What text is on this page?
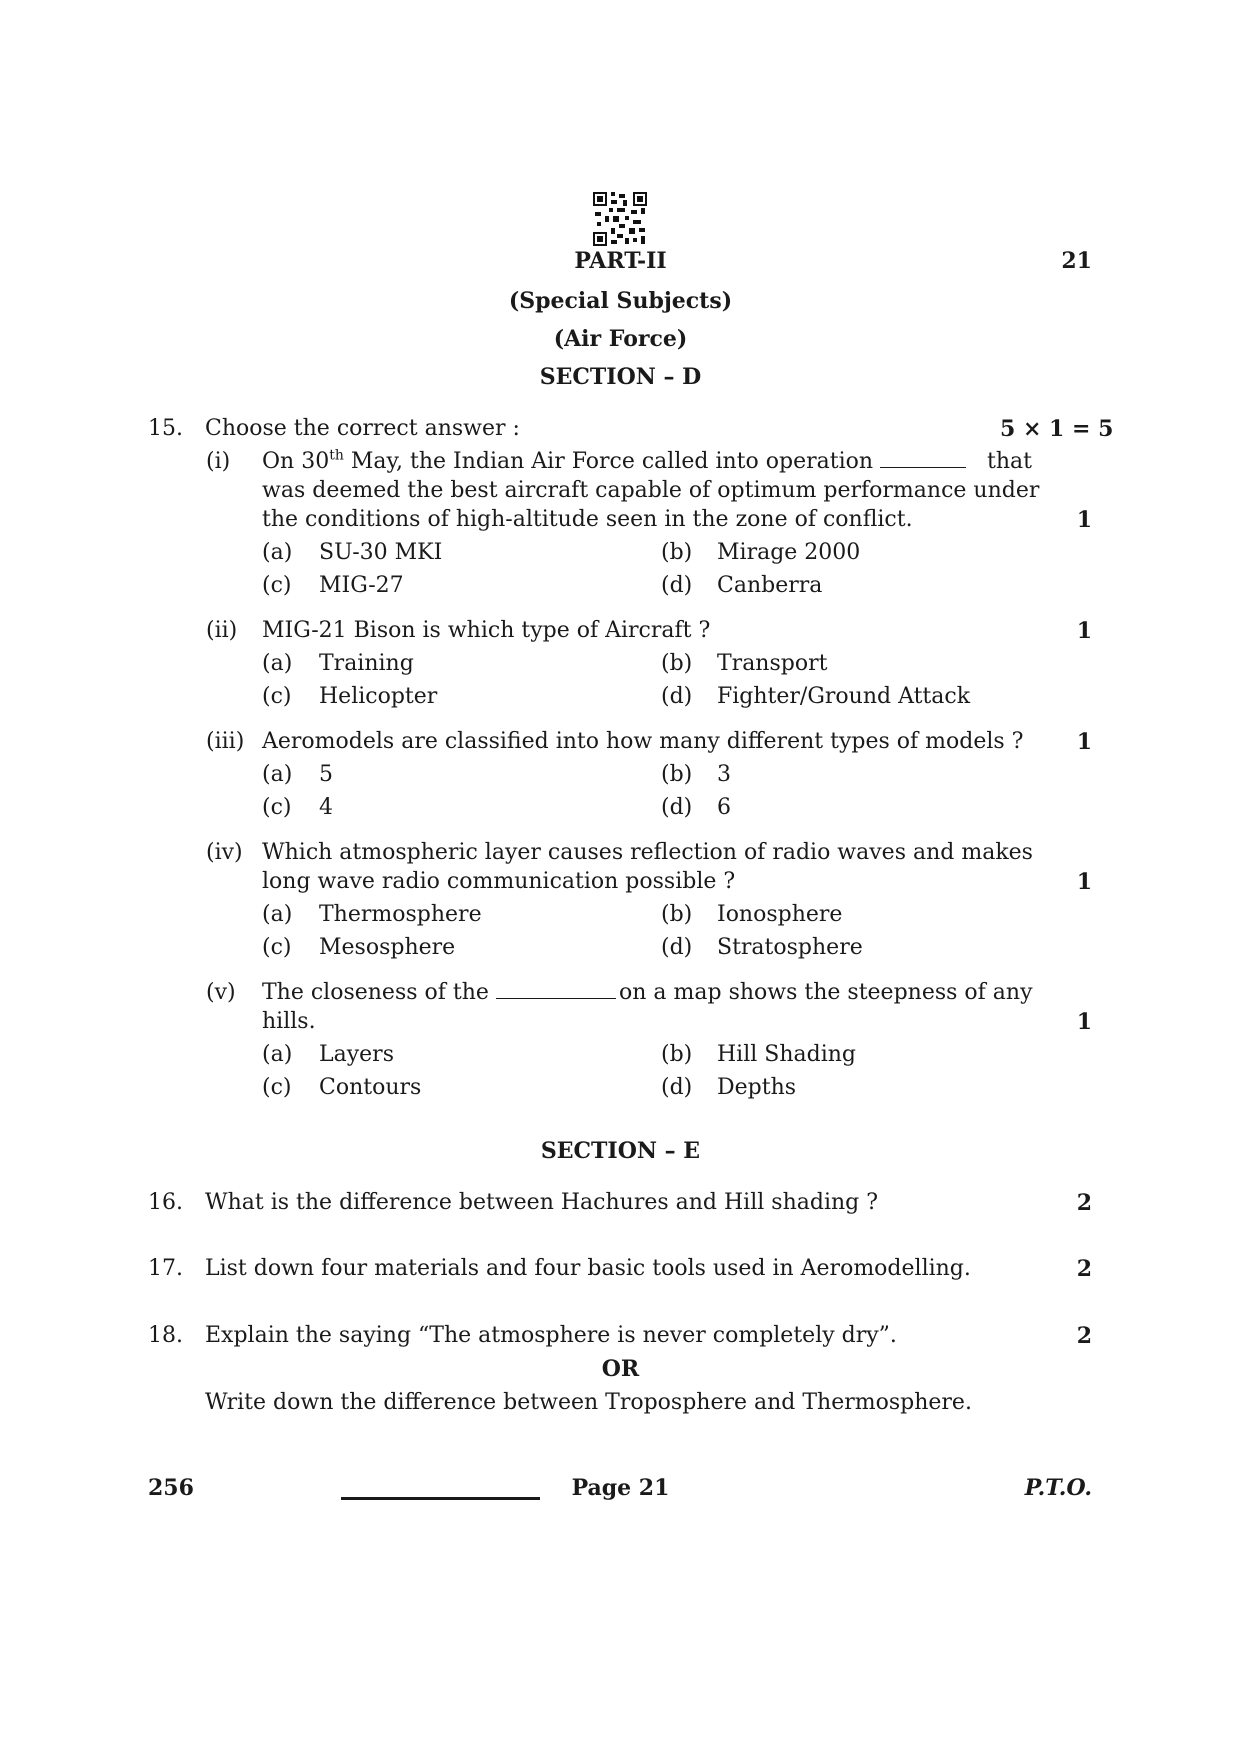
PART-II	21
(Special Subjects)
(Air Force)
SECTION – D
15. Choose the correct answer :	5 × 1 = 5
(i) On 30th May, the Indian Air Force called into operation	that
was deemed the best aircraft capable of optimum performance under
the conditions of high-altitude seen in the zone of conflict.	1
(a) SU-30 MKI	(b) Mirage 2000
(c) MIG-27	(d) Canberra
(ii) MIG-21 Bison is which type of Aircraft ?	1
(a) Training	(b) Transport
(c) Helicopter	(d) Fighter/Ground Attack
(iii) Aeromodels are classified into how many different types of models ?	1
(a) 5	(b) 3
(c) 4	(d) 6
(iv) Which atmospheric layer causes reflection of radio waves and makes
long wave radio communication possible ?	1
(a) Thermosphere	(b) Ionosphere
(c) Mesosphere	(d) Stratosphere
(v) The closeness of the	on a map shows the steepness of any
hills.	1
(a) Layers	(b) Hill Shading
(c) Contours	(d) Depths
SECTION – E
16. What is the difference between Hachures and Hill shading ?	2
17. List down four materials and four basic tools used in Aeromodelling.	2
18. Explain the saying “The atmosphere is never completely dry”.	2
OR
Write down the difference between Troposphere and Thermosphere.
256	Page 21	P.T.O.
